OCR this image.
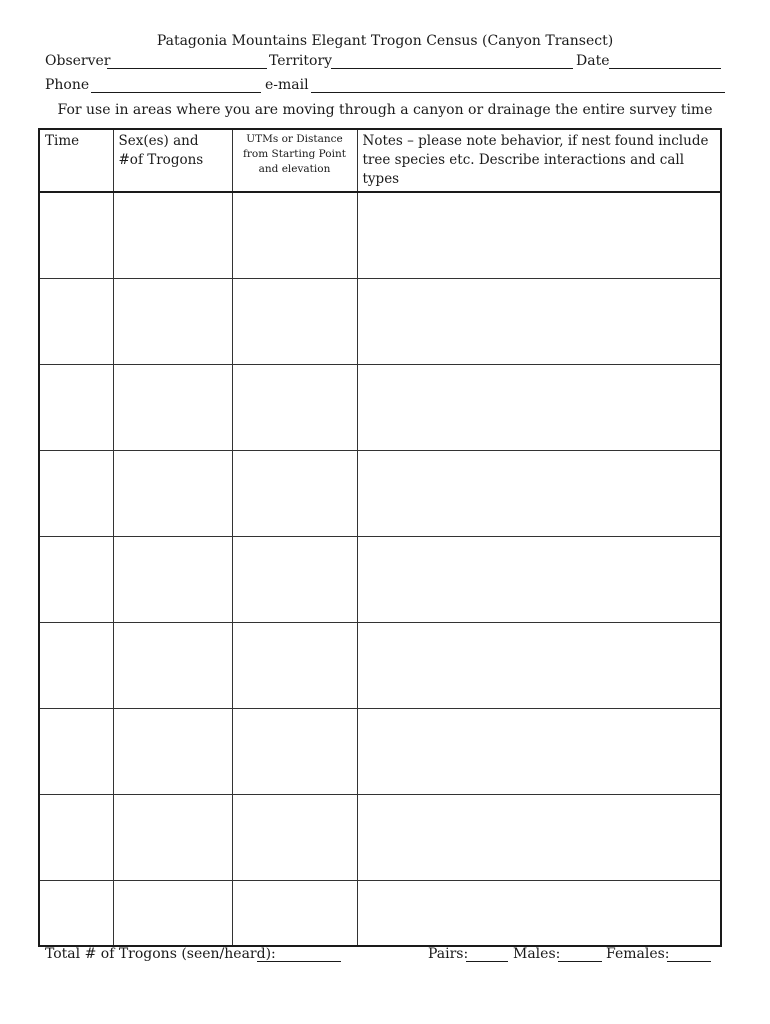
Patagonia Mountains Elegant Trogon Census (Canyon Transect)
Observer	Territory	Date
Phone	e-mail
For use in areas where you are moving through a canyon or drainage the entire survey time
Time	Sex(es) and #of Trogons	UTMs or Distance from Starting Point and elevation	Notes – please note behavior, if nest found include tree species etc. Describe interactions and call types

Total # of Trogons (seen/heard):	Pairs:	Males:	Females:
